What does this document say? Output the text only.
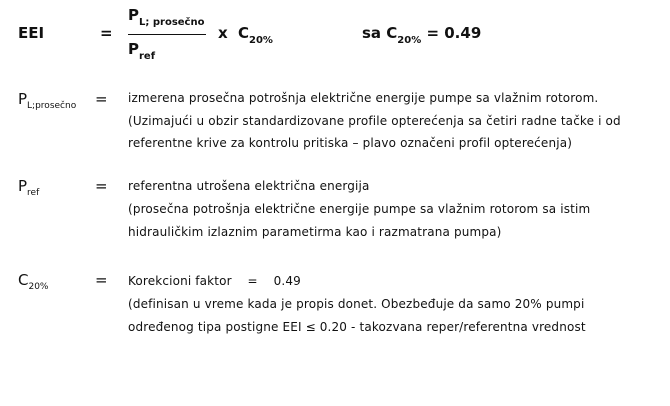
EEI	=
$P_{L; prosečno}$
$P_{ref}$
x $C_{20\%}$	sa $C_{20\%} = 0.49$
$P_{L;prosečno}$ = izmerena prosečna potrošnja električne energije pumpe sa vlažnim rotorom.
(Uzimajući u obzir standardizovane profile opterećenja sa četiri radne tačke i od
referentne krive za kontrolu pritiska – plavo označeni profil opterećenja)
$P_{ref}$	= referentna utrošena električna energija
(prosečna potrošnja električne energije pumpe sa vlažnim rotorom sa istim
hidrauličkim izlaznim parametirma kao i razmatrana pumpa)
$C_{20\%}$	= Korekcioni faktor    =    0.49
(definisan u vreme kada je propis donet. Obezbeđuje da samo 20% pumpi
određenog tipa postigne EEI ≤ 0.20 - takozvana reper/referentna vrednost
